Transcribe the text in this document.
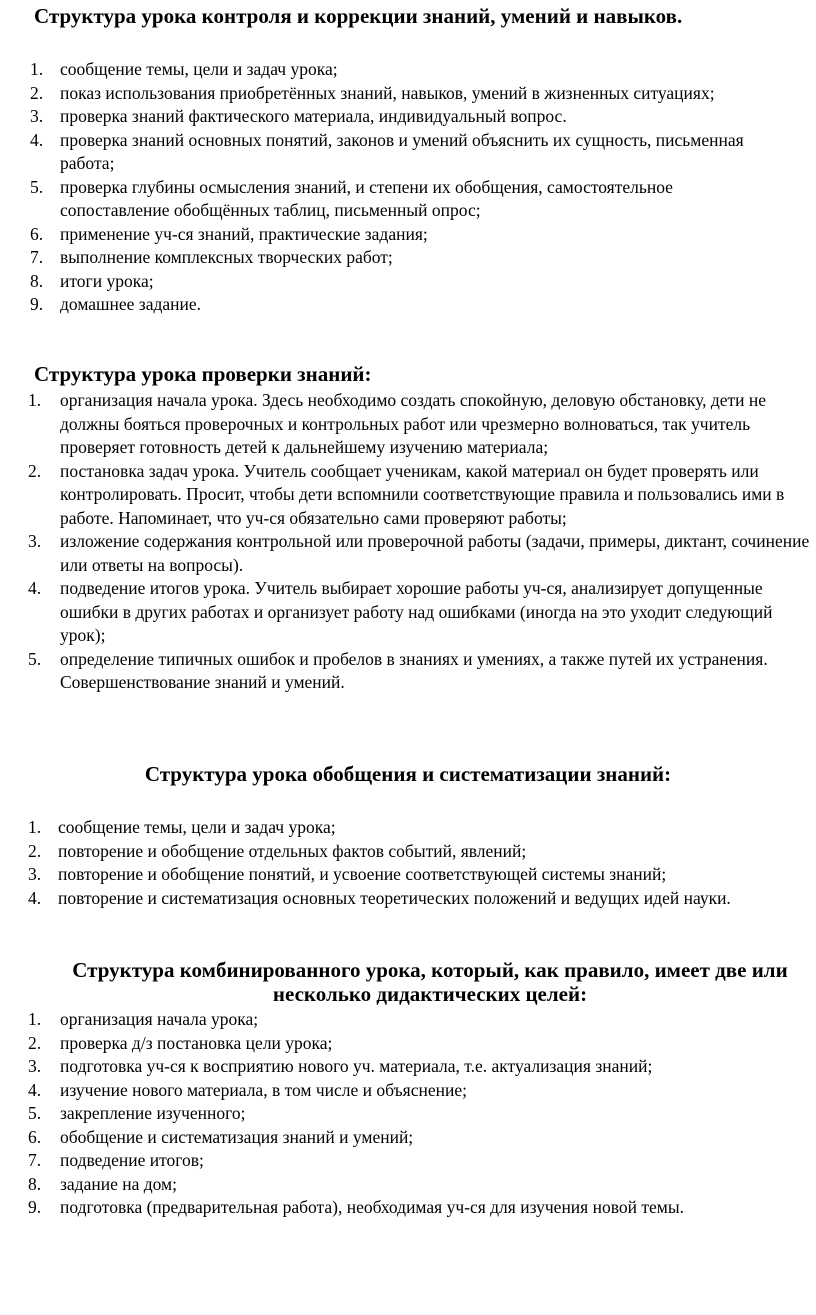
Структура урока контроля и коррекции знаний, умений и навыков.
1. сообщение темы, цели и задач урока;
2. показ использования приобретённых знаний, навыков, умений в жизненных ситуациях;
3. проверка знаний фактического материала, индивидуальный вопрос.
4. проверка знаний основных понятий, законов и умений объяснить их сущность, письменная работа;
5. проверка глубины осмысления знаний, и степени их обобщения, самостоятельное сопоставление обобщённых таблиц, письменный опрос;
6. применение уч-ся знаний, практические задания;
7. выполнение комплексных творческих работ;
8. итоги урока;
9. домашнее задание.
Структура урока проверки знаний:
1. организация начала урока. Здесь необходимо создать спокойную, деловую обстановку, дети не должны бояться проверочных и контрольных работ или чрезмерно волноваться, так учитель проверяет готовность детей к дальнейшему изучению материала;
2. постановка задач урока. Учитель сообщает ученикам, какой материал он будет проверять или контролировать. Просит, чтобы дети вспомнили соответствующие правила и пользовались ими в работе. Напоминает, что уч-ся обязательно сами проверяют работы;
3. изложение содержания контрольной или проверочной работы (задачи, примеры, диктант, сочинение или ответы на вопросы).
4. подведение итогов урока. Учитель выбирает хорошие работы уч-ся, анализирует допущенные ошибки в других работах и организует работу над ошибками (иногда на это уходит следующий урок);
5. определение типичных ошибок и пробелов в знаниях и умениях, а также путей их устранения. Совершенствование знаний и умений.
Структура урока обобщения и систематизации знаний:
1. сообщение темы, цели и задач урока;
2. повторение и обобщение отдельных фактов событий, явлений;
3. повторение и обобщение понятий, и усвоение соответствующей системы знаний;
4. повторение и систематизация основных теоретических положений и ведущих идей науки.
Структура комбинированного урока, который, как правило, имеет две или несколько дидактических целей:
1. организация начала урока;
2. проверка д/з постановка цели урока;
3. подготовка уч-ся к восприятию нового уч. материала, т.е. актуализация знаний;
4. изучение нового материала, в том числе и объяснение;
5. закрепление изученного;
6. обобщение и систематизация знаний и умений;
7. подведение итогов;
8. задание на дом;
9. подготовка (предварительная работа), необходимая уч-ся для изучения новой темы.
